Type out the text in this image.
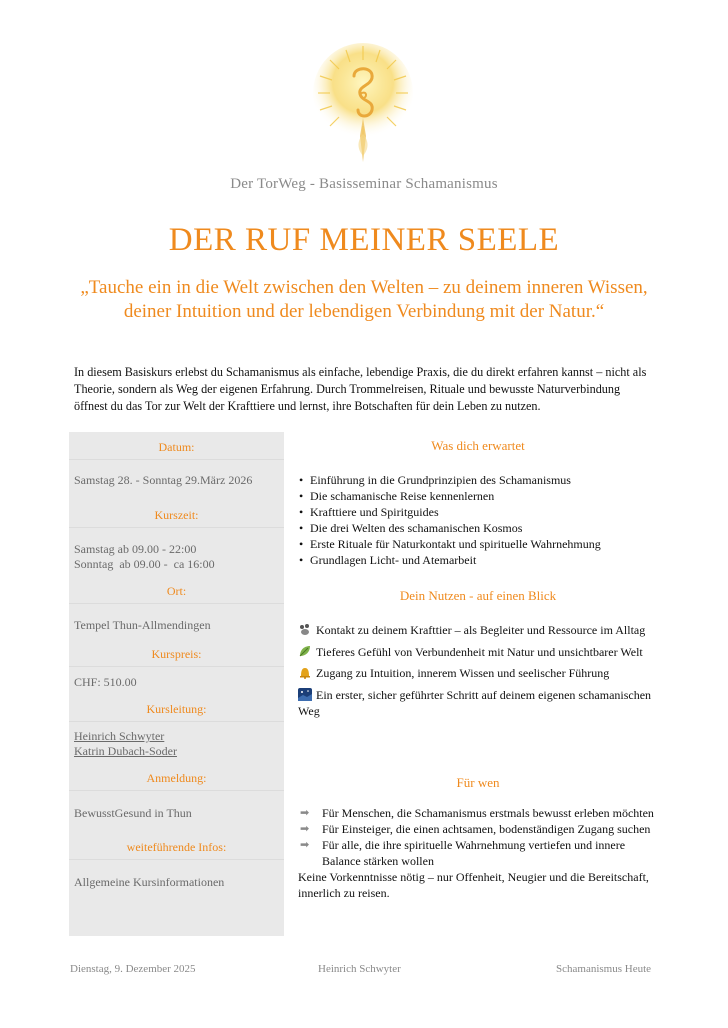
Der TorWeg - Basisseminar Schamanismus
DER RUF MEINER SEELE
„Tauche ein in die Welt zwischen den Welten – zu deinem inneren Wissen, deiner Intuition und der lebendigen Verbindung mit der Natur.“
In diesem Basiskurs erlebst du Schamanismus als einfache, lebendige Praxis, die du direkt erfahren kannst – nicht als Theorie, sondern als Weg der eigenen Erfahrung. Durch Trommelreisen, Rituale und bewusste Naturverbindung öffnest du das Tor zur Welt der Krafttiere und lernst, ihre Botschaften für dein Leben zu nutzen.
Datum:
Samstag 28. - Sonntag 29.März 2026
Kurszeit:
Samstag ab 09.00 - 22:00
Sonntag  ab 09.00 -  ca 16:00
Ort:
Tempel Thun-Allmendingen
Kurspreis:
CHF: 510.00
Kursleitung:
Heinrich Schwyter
Katrin Dubach-Soder
Anmeldung:
BewusstGesund in Thun
weiteführende Infos:
Allgemeine Kursinformationen
Was dich erwartet
• Einführung in die Grundprinzipien des Schamanismus
• Die schamanische Reise kennenlernen
• Krafttiere und Spiritguides
• Die drei Welten des schamanischen Kosmos
• Erste Rituale für Naturkontakt und spirituelle Wahrnehmung
• Grundlagen Licht- und Atemarbeit
Dein Nutzen - auf einen Blick
Kontakt zu deinem Krafttier – als Begleiter und Ressource im Alltag
Tieferes Gefühl von Verbundenheit mit Natur und unsichtbarer Welt
Zugang zu Intuition, innerem Wissen und seelischer Führung
Ein erster, sicher geführter Schritt auf deinem eigenen schamanischen Weg
Für wen
➡ Für Menschen, die Schamanismus erstmals bewusst erleben möchten
➡ Für Einsteiger, die einen achtsamen, bodenständigen Zugang suchen
➡ Für alle, die ihre spirituelle Wahrnehmung vertiefen und innere Balance stärken wollen
Keine Vorkenntnisse nötig – nur Offenheit, Neugier und die Bereitschaft, innerlich zu reisen.
Dienstag, 9. Dezember 2025	Heinrich Schwyter	Schamanismus Heute
